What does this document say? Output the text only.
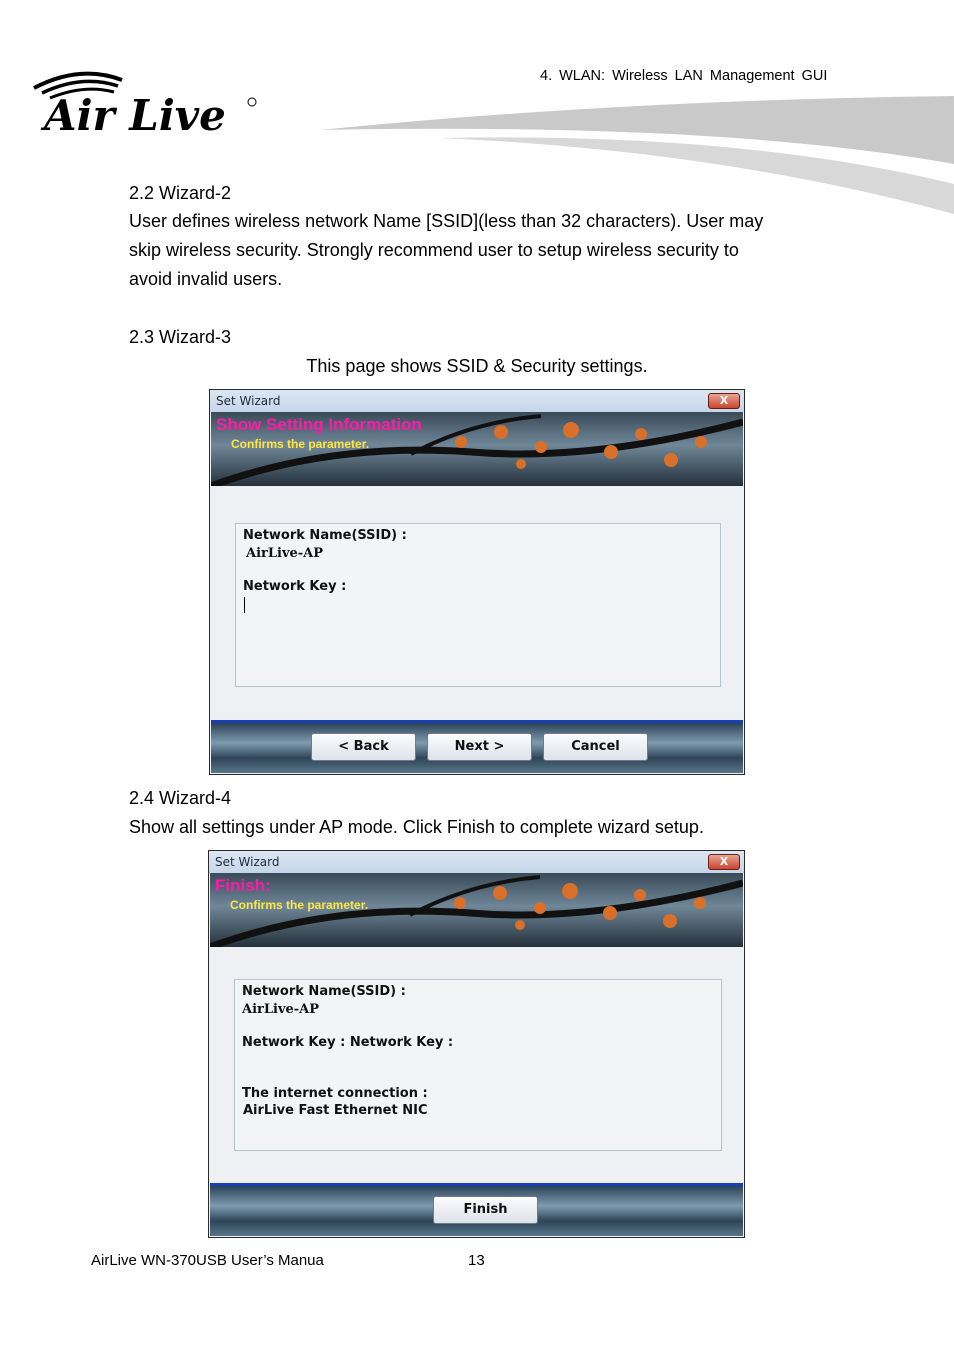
4. WLAN: Wireless LAN Management GUI
Air Live
2.2 Wizard-2
User defines wireless network Name [SSID](less than 32 characters). User may
skip wireless security. Strongly recommend user to setup wireless security to
avoid invalid users.
2.3 Wizard-3
This page shows SSID & Security settings.
Set Wizard	X
Show Setting Information
Confirms the parameter.
Network Name(SSID) :
AirLive-AP
Network Key :
< Back	Next >	Cancel
2.4 Wizard-4
Show all settings under AP mode. Click Finish to complete wizard setup.
Set Wizard	X
Finish:
Confirms the parameter.
Network Name(SSID) :
AirLive-AP
Network Key : Network Key :
The internet connection :
AirLive Fast Ethernet NIC
Finish
AirLive WN-370USB User’s Manua	13
